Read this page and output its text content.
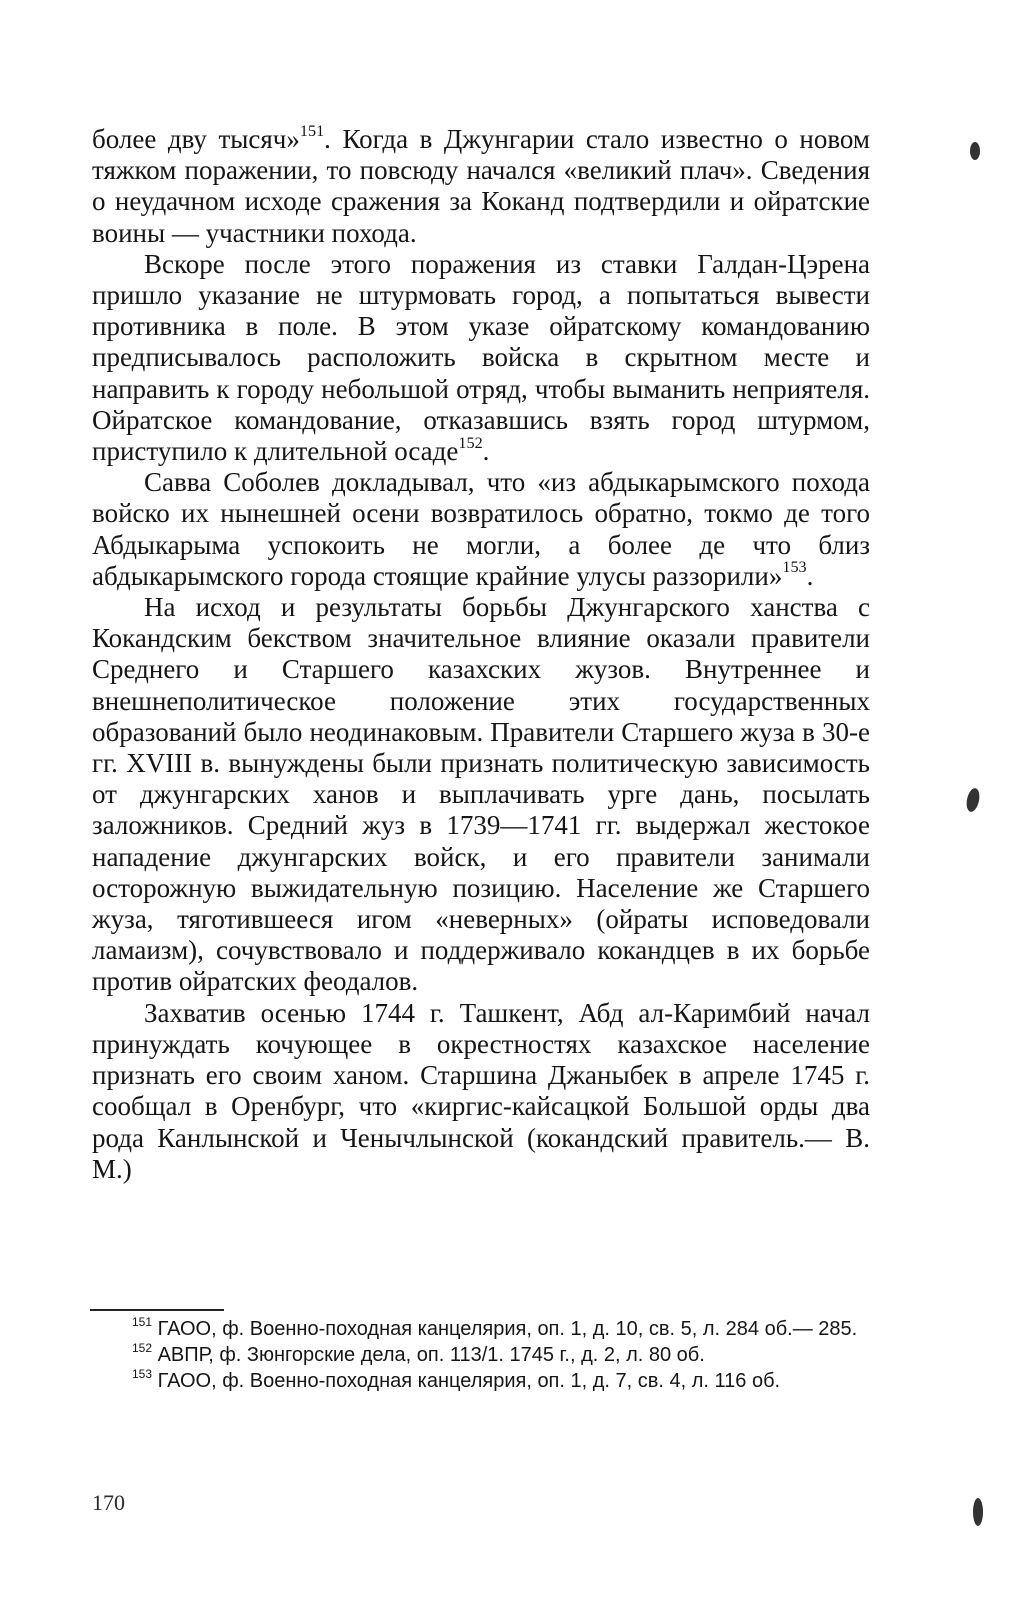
более дву тысяч»$^{151}$. Когда в Джунгарии стало известно о новом тяжком поражении, то повсюду начался «великий плач». Сведения о неудачном исходе сражения за Коканд подтвердили и ойратские воины — участники похода.

Вскоре после этого поражения из ставки Галдан-Цэрена пришло указание не штурмовать город, а попытаться вывести противника в поле. В этом указе ойратскому командованию предписывалось расположить войска в скрытном месте и направить к городу небольшой отряд, чтобы выманить неприятеля. Ойратское командование, отказавшись взять город штурмом, приступило к длительной осаде$^{152}$.

Савва Соболев докладывал, что «из абдыкарымского похода войско их нынешней осени возвратилось обратно, токмо де того Абдыкарыма успокоить не могли, а более де что близ абдыкарымского города стоящие крайние улусы раззорили»$^{153}$.

На исход и результаты борьбы Джунгарского ханства с Кокандским бекством значительное влияние оказали правители Среднего и Старшего казахских жузов. Внутреннее и внешнеполитическое положение этих государственных образований было неодинаковым. Правители Старшего жуза в 30-е гг. XVIII в. вынуждены были признать политическую зависимость от джунгарских ханов и выплачивать урге дань, посылать заложников. Средний жуз в 1739—1741 гг. выдержал жестокое нападение джунгарских войск, и его правители занимали осторожную выжидательную позицию. Население же Старшего жуза, тяготившееся игом «неверных» (ойраты исповедовали ламаизм), сочувствовало и поддерживало кокандцев в их борьбе против ойратских феодалов.

Захватив осенью 1744 г. Ташкент, Абд ал-Каримбий начал принуждать кочующее в окрестностях казахское население признать его своим ханом. Старшина Джаныбек в апреле 1745 г. сообщал в Оренбург, что «киргис-кайсацкой Большой орды два рода Канлынской и Ченычлынской (кокандский правитель.— В. М.)

$^{151}$ ГАОО, ф. Военно-походная канцелярия, оп. 1, д. 10, св. 5, л. 284 об.— 285.

$^{152}$ АВПР, ф. Зюнгорские дела, оп. 113/1. 1745 г., д. 2, л. 80 об.

$^{153}$ ГАОО, ф. Военно-походная канцелярия, оп. 1, д. 7, св. 4, л. 116 об.

170
